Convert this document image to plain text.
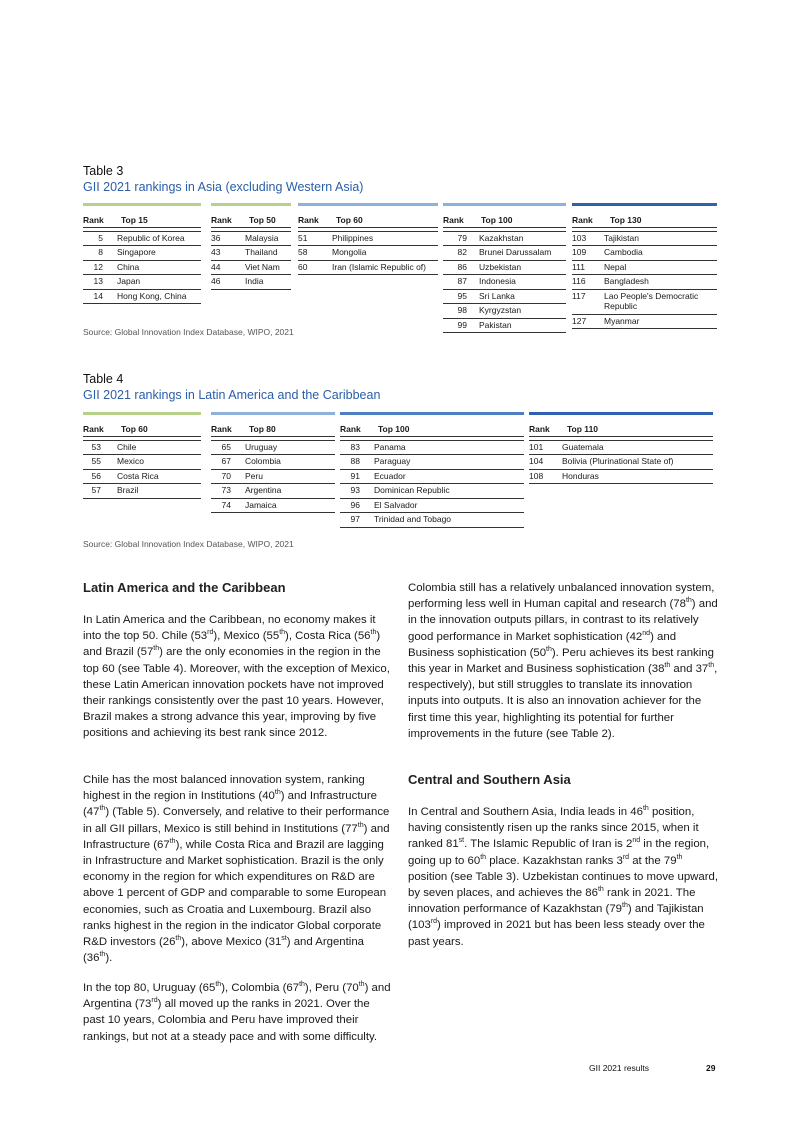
Table 3
GII 2021 rankings in Asia (excluding Western Asia)
Rank	Top 15
5	Republic of Korea
8	Singapore
12	China
13	Japan
14	Hong Kong, China
Rank	Top 50
36	Malaysia
43	Thailand
44	Viet Nam
46	India
Rank	Top 60
51	Philippines
58	Mongolia
60	Iran (Islamic Republic of)
Rank	Top 100
79	Kazakhstan
82	Brunei Darussalam
86	Uzbekistan
87	Indonesia
95	Sri Lanka
98	Kyrgyzstan
99	Pakistan
Rank	Top 130
103	Tajikistan
109	Cambodia
111	Nepal
116	Bangladesh
117	Lao People's Democratic Republic
127	Myanmar
Source: Global Innovation Index Database, WIPO, 2021
Table 4
GII 2021 rankings in Latin America and the Caribbean
Rank	Top 60
53	Chile
55	Mexico
56	Costa Rica
57	Brazil
Rank	Top 80
65	Uruguay
67	Colombia
70	Peru
73	Argentina
74	Jamaica
Rank	Top 100
83	Panama
88	Paraguay
91	Ecuador
93	Dominican Republic
96	El Salvador
97	Trinidad and Tobago
Rank	Top 110
101	Guatemala
104	Bolivia (Plurinational State of)
108	Honduras
Source: Global Innovation Index Database, WIPO, 2021
Latin America and the Caribbean
In Latin America and the Caribbean, no economy makes it into the top 50. Chile (53rd), Mexico (55th), Costa Rica (56th) and Brazil (57th) are the only economies in the region in the top 60 (see Table 4). Moreover, with the exception of Mexico, these Latin American innovation pockets have not improved their rankings consistently over the past 10 years. However, Brazil makes a strong advance this year, improving by five positions and achieving its best rank since 2012.
Chile has the most balanced innovation system, ranking highest in the region in Institutions (40th) and Infrastructure (47th) (Table 5). Conversely, and relative to their performance in all GII pillars, Mexico is still behind in Institutions (77th) and Infrastructure (67th), while Costa Rica and Brazil are lagging in Infrastructure and Market sophistication. Brazil is the only economy in the region for which expenditures on R&D are above 1 percent of GDP and comparable to some European economies, such as Croatia and Luxembourg. Brazil also ranks highest in the region in the indicator Global corporate R&D investors (26th), above Mexico (31st) and Argentina (36th).
In the top 80, Uruguay (65th), Colombia (67th), Peru (70th) and Argentina (73rd) all moved up the ranks in 2021. Over the past 10 years, Colombia and Peru have improved their rankings, but not at a steady pace and with some difficulty.
Colombia still has a relatively unbalanced innovation system, performing less well in Human capital and research (78th) and in the innovation outputs pillars, in contrast to its relatively good performance in Market sophistication (42nd) and Business sophistication (50th). Peru achieves its best ranking this year in Market and Business sophistication (38th and 37th, respectively), but still struggles to translate its innovation inputs into outputs. It is also an innovation achiever for the first time this year, highlighting its potential for further improvements in the future (see Table 2).
Central and Southern Asia
In Central and Southern Asia, India leads in 46th position, having consistently risen up the ranks since 2015, when it ranked 81st. The Islamic Republic of Iran is 2nd in the region, going up to 60th place. Kazakhstan ranks 3rd at the 79th position (see Table 3). Uzbekistan continues to move upward, by seven places, and achieves the 86th rank in 2021. The innovation performance of Kazakhstan (79th) and Tajikistan (103rd) improved in 2021 but has been less steady over the past years.
GII 2021 results	29
